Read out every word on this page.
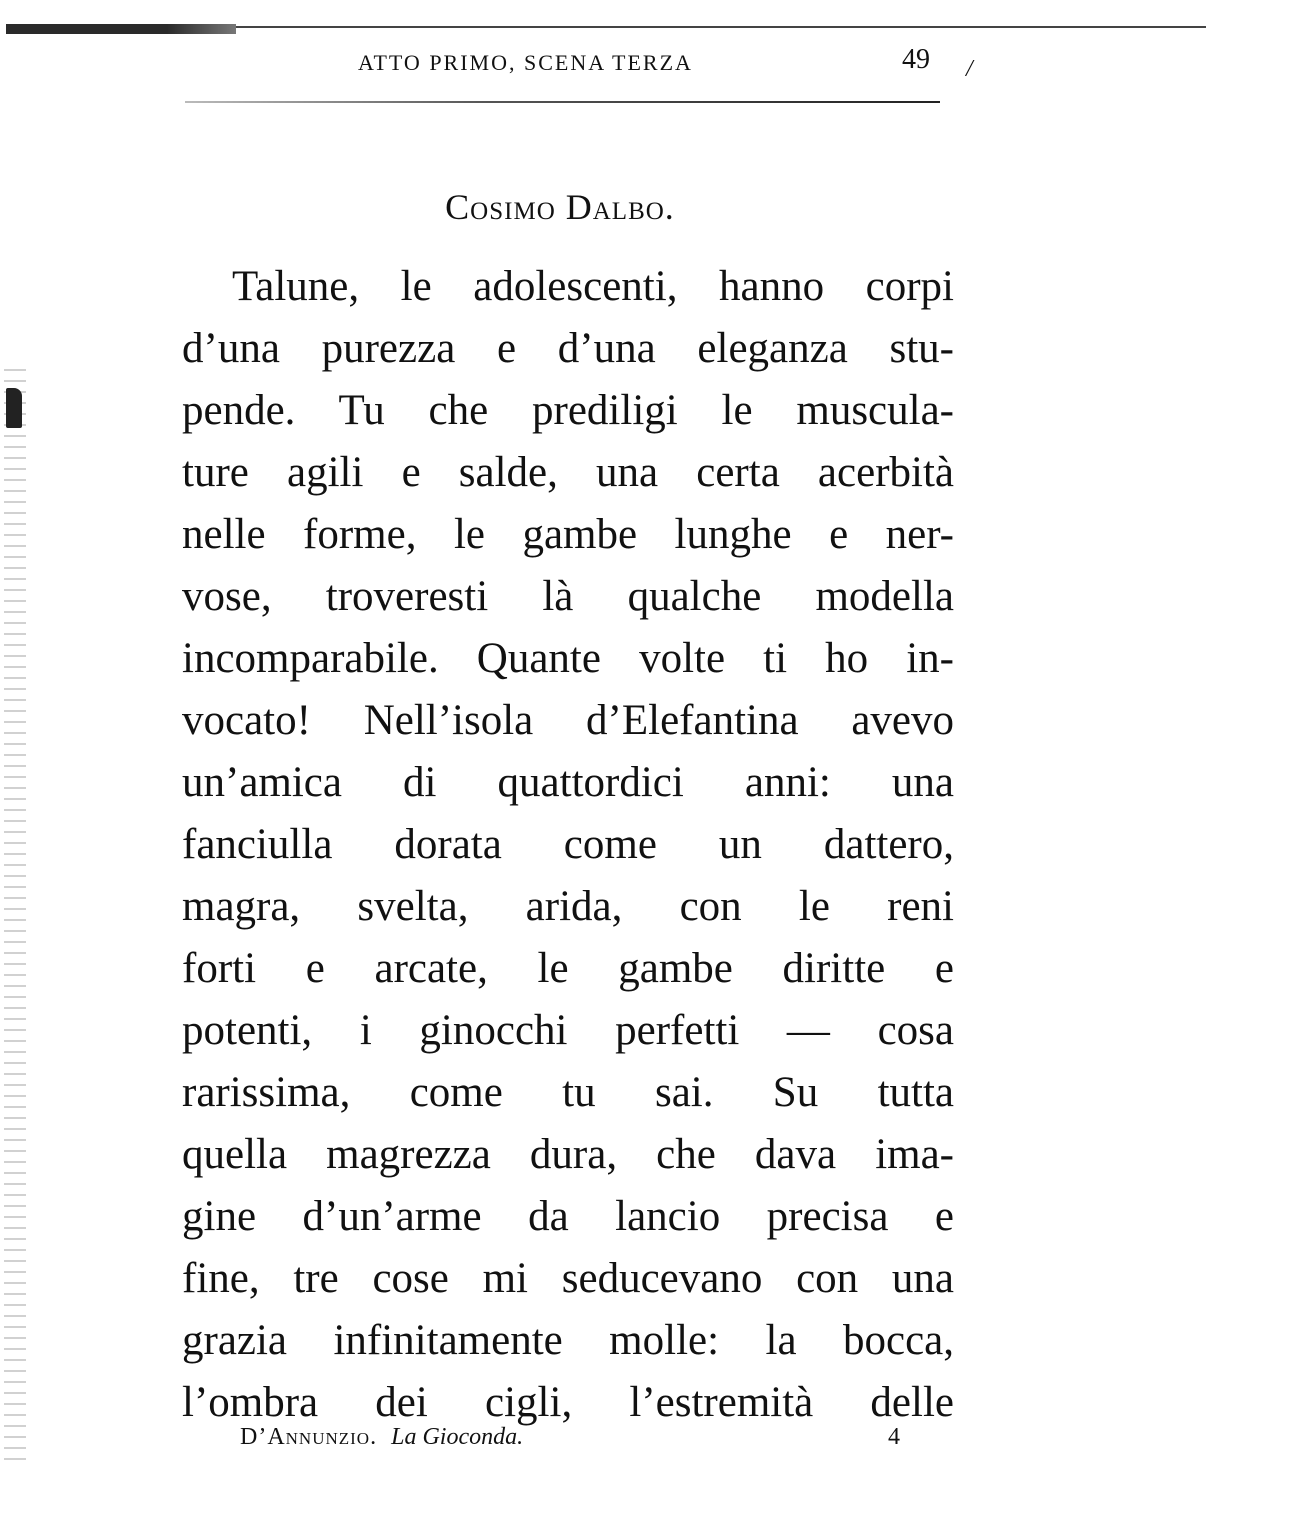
ATTO PRIMO, SCENA TERZA	49 /
Cosimo Dalbo.
Talune, le adolescenti, hanno corpi
d’una purezza e d’una eleganza stu-
pende. Tu che prediligi le muscula-
ture agili e salde, una certa acerbità
nelle forme, le gambe lunghe e ner-
vose, troveresti là qualche modella
incomparabile. Quante volte ti ho in-
vocato! Nell’isola d’Elefantina avevo
un’amica di quattordici anni: una
fanciulla dorata come un dattero,
magra, svelta, arida, con le reni
forti e arcate, le gambe diritte e
potenti, i ginocchi perfetti — cosa
rarissima, come tu sai. Su tutta
quella magrezza dura, che dava ima-
gine d’un’arme da lancio precisa e
fine, tre cose mi seducevano con una
grazia infinitamente molle: la bocca,
l’ombra dei cigli, l’estremità delle
D’Annunzio. La Gioconda.	4
